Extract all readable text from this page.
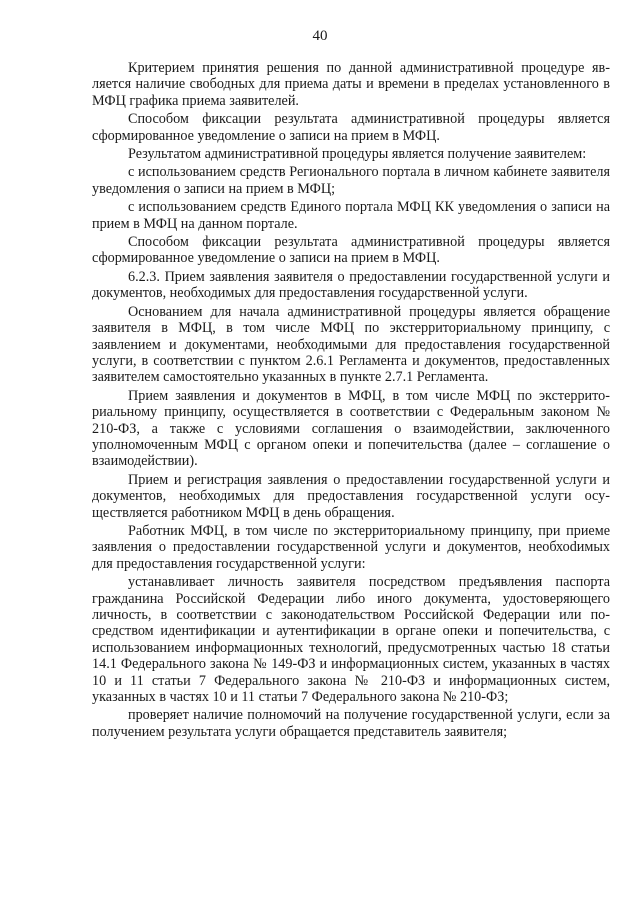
40

Критерием принятия решения по данной административной процедуре является наличие свободных для приема даты и времени в пределах установленного в МФЦ графика приема заявителей.

Способом фиксации результата административной процедуры является сформированное уведомление о записи на прием в МФЦ.

Результатом административной процедуры является получение заявителем:

с использованием средств Регионального портала в личном кабинете заявителя уведомления о записи на прием в МФЦ;

с использованием средств Единого портала МФЦ КК уведомления о записи на прием в МФЦ на данном портале.

Способом фиксации результата административной процедуры является сформированное уведомление о записи на прием в МФЦ.

6.2.3. Прием заявления заявителя о предоставлении государственной услуги и документов, необходимых для предоставления государственной услуги.

Основанием для начала административной процедуры является обращение заявителя в МФЦ, в том числе МФЦ по экстерриториальному принципу, с заявлением и документами, необходимыми для предоставления государственной услуги, в соответствии с пунктом 2.6.1 Регламента и документов, предоставленных заявителем самостоятельно указанных в пункте 2.7.1 Регламента.

Прием заявления и документов в МФЦ, в том числе МФЦ по экстерриториальному принципу, осуществляется в соответствии с Федеральным законом № 210-ФЗ, а также с условиями соглашения о взаимодействии, заключенного уполномоченным МФЦ с органом опеки и попечительства (далее – соглашение о взаимодействии).

Прием и регистрация заявления о предоставлении государственной услуги и документов, необходимых для предоставления государственной услуги осуществляется работником МФЦ в день обращения.

Работник МФЦ, в том числе по экстерриториальному принципу, при приеме заявления о предоставлении государственной услуги и документов, необхоdимых для предоставления государственной услуги:

устанавливает личность заявителя посредством предъявления паспорта гражданина Российской Федерации либо иного документа, удостоверяющего личность, в соответствии с законодательством Российской Федерации или посредством идентификации и аутентификации в органе опеки и попечительства, с использованием информационных технологий, предусмотренных частью 18 статьи 14.1 Федерального закона № 149-ФЗ и информационных систем, указанных в частях 10 и 11 статьи 7 Федерального закона № 210-ФЗ и информационных систем, указанных в частях 10 и 11 статьи 7 Федерального закона № 210-ФЗ;

проверяет наличие полномочий на получение государственной услуги, если за получением результата услуги обращается представитель заявителя;
